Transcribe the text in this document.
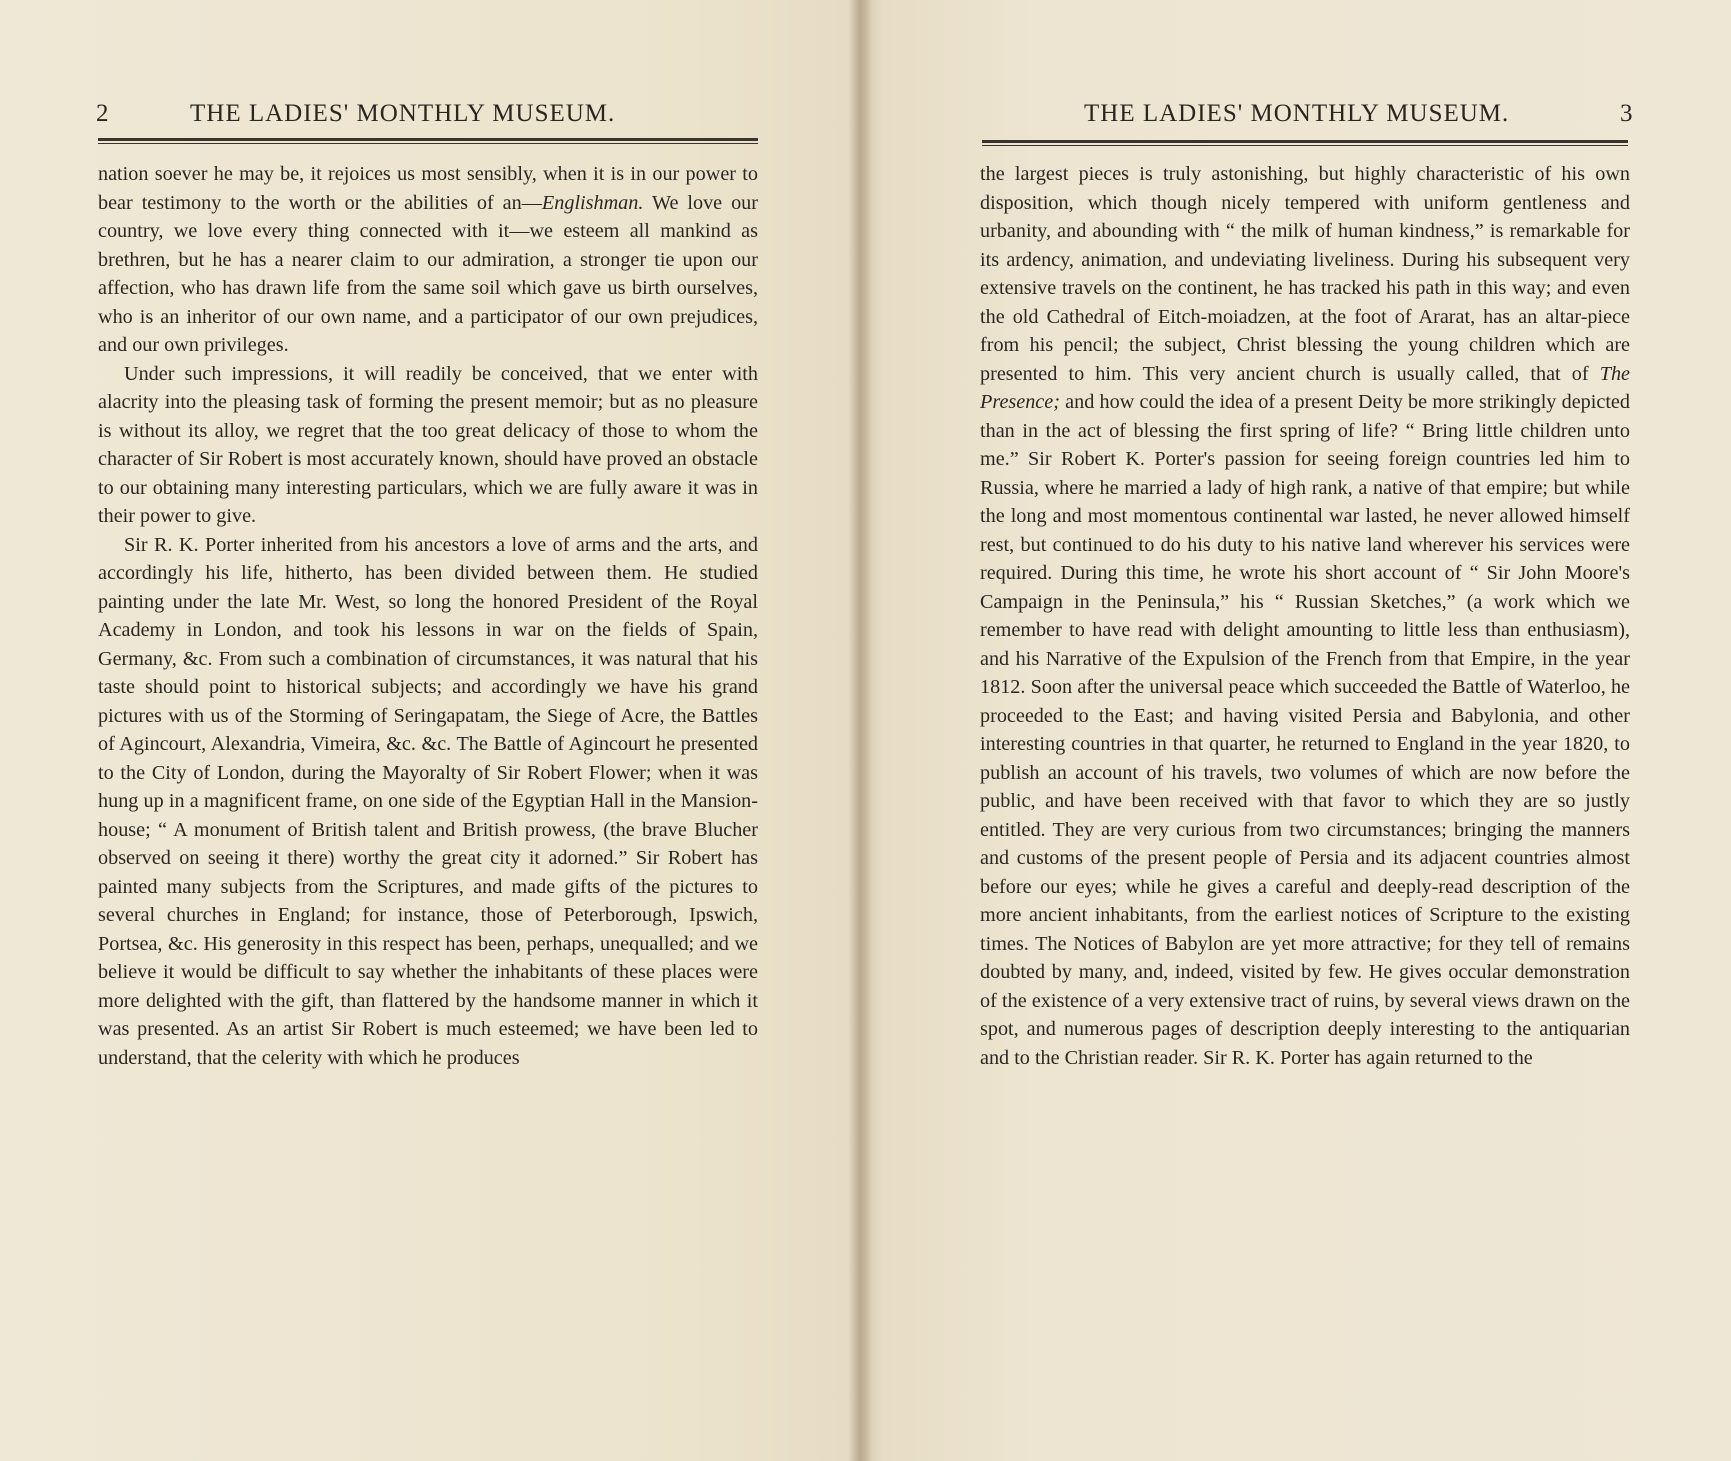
2	THE LADIES' MONTHLY MUSEUM.

nation soever he may be, it rejoices us most sensibly, when it is in our power to bear testimony to the worth or the abilities of an—Englishman. We love our country, we love every thing connected with it—we esteem all mankind as brethren, but he has a nearer claim to our admiration, a stronger tie upon our affection, who has drawn life from the same soil which gave us birth ourselves, who is an inheritor of our own name, and a participator of our own prejudices, and our own privileges.

Under such impressions, it will readily be conceived, that we enter with alacrity into the pleasing task of forming the present memoir; but as no pleasure is without its alloy, we regret that the too great delicacy of those to whom the character of Sir Robert is most accurately known, should have proved an obstacle to our obtaining many interesting particulars, which we are fully aware it was in their power to give.

Sir R. K. Porter inherited from his ancestors a love of arms and the arts, and accordingly his life, hitherto, has been divided between them. He studied painting under the late Mr. West, so long the honored President of the Royal Academy in London, and took his lessons in war on the fields of Spain, Germany, &c. From such a combination of circumstances, it was natural that his taste should point to historical subjects; and accordingly we have his grand pictures with us of the Storming of Seringapatam, the Siege of Acre, the Battles of Agincourt, Alexandria, Vimeira, &c. &c. The Battle of Agincourt he presented to the City of London, during the Mayoralty of Sir Robert Flower; when it was hung up in a magnificent frame, on one side of the Egyptian Hall in the Mansion-house; “ A monument of British talent and British prowess, (the brave Blucher observed on seeing it there) worthy the great city it adorned.” Sir Robert has painted many subjects from the Scriptures, and made gifts of the pictures to several churches in England; for instance, those of Peterborough, Ipswich, Portsea, &c. His generosity in this respect has been, perhaps, unequalled; and we believe it would be difficult to say whether the inhabitants of these places were more delighted with the gift, than flattered by the handsome manner in which it was presented. As an artist Sir Robert is much esteemed; we have been led to understand, that the celerity with which he produces

THE LADIES' MONTHLY MUSEUM.	3

the largest pieces is truly astonishing, but highly characteristic of his own disposition, which though nicely tempered with uniform gentleness and urbanity, and abounding with “ the milk of human kindness,” is remarkable for its ardency, animation, and undeviating liveliness. During his subsequent very extensive travels on the continent, he has tracked his path in this way; and even the old Cathedral of Eitch-moiadzen, at the foot of Ararat, has an altar-piece from his pencil; the subject, Christ blessing the young children which are presented to him. This very ancient church is usually called, that of The Presence; and how could the idea of a present Deity be more strikingly depicted than in the act of blessing the first spring of life? “ Bring little children unto me.” Sir Robert K. Porter's passion for seeing foreign countries led him to Russia, where he married a lady of high rank, a native of that empire; but while the long and most momentous continental war lasted, he never allowed himself rest, but continued to do his duty to his native land wherever his services were required. During this time, he wrote his short account of “ Sir John Moore's Campaign in the Peninsula,” his “ Russian Sketches,” (a work which we remember to have read with delight amounting to little less than enthusiasm), and his Narrative of the Expulsion of the French from that Empire, in the year 1812. Soon after the universal peace which succeeded the Battle of Waterloo, he proceeded to the East; and having visited Persia and Babylonia, and other interesting countries in that quarter, he returned to England in the year 1820, to publish an account of his travels, two volumes of which are now before the public, and have been received with that favor to which they are so justly entitled. They are very curious from two circumstances; bringing the manners and customs of the present people of Persia and its adjacent countries almost before our eyes; while he gives a careful and deeply-read description of the more ancient inhabitants, from the earliest notices of Scripture to the existing times. The Notices of Babylon are yet more attractive; for they tell of remains doubted by many, and, indeed, visited by few. He gives occular demonstration of the existence of a very extensive tract of ruins, by several views drawn on the spot, and numerous pages of description deeply interesting to the antiquarian and to the Christian reader. Sir R. K. Porter has again returned to the
